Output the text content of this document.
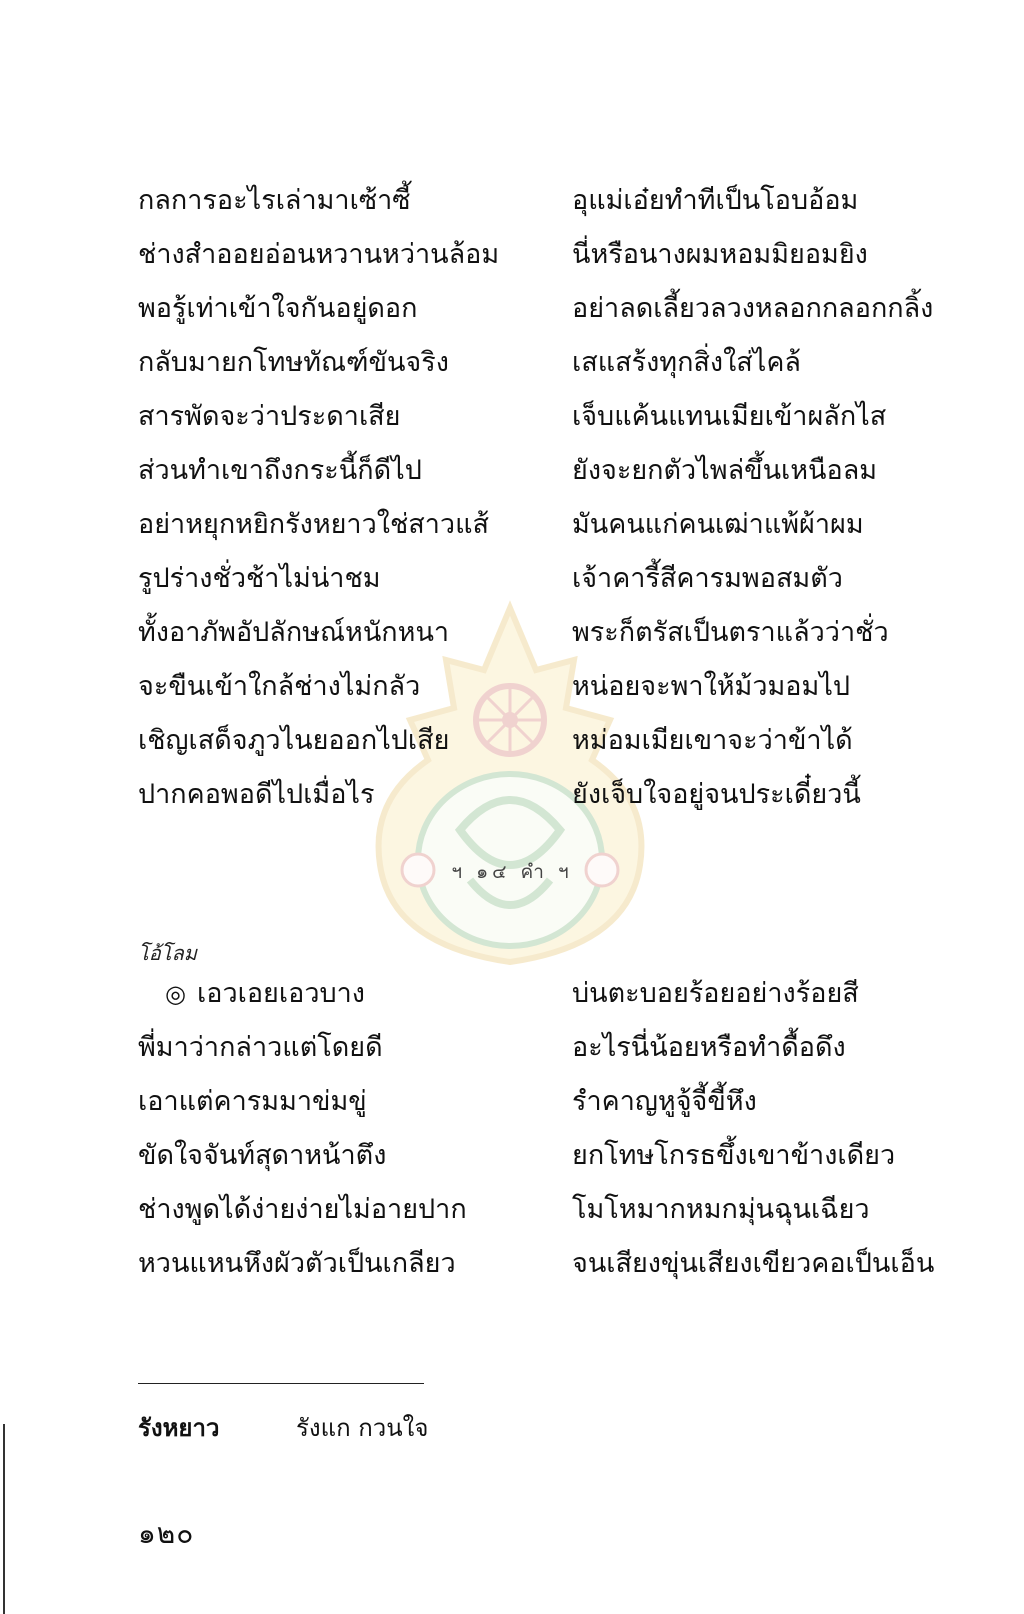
กลการอะไรเล่ามาเซ้าซี้	อุแม่เอ๋ยทำทีเป็นโอบอ้อม
ช่างสำออยอ่อนหวานหว่านล้อม	นี่หรือนางผมหอมมิยอมยิง
พอรู้เท่าเข้าใจกันอยู่ดอก	อย่าลดเลี้ยวลวงหลอกกลอกกลิ้ง
กลับมายกโทษทัณฑ์ขันจริง	เสแสร้งทุกสิ่งใส่ไคล้
สารพัดจะว่าประดาเสีย	เจ็บแค้นแทนเมียเข้าผลักไส
ส่วนทำเขาถึงกระนี้ก็ดีไป	ยังจะยกตัวไพล่ขึ้นเหนือลม
อย่าหยุกหยิกรังหยาวใช่สาวแส้	มันคนแก่คนเฒ่าแพ้ผ้าผม
รูปร่างชั่วช้าไม่น่าชม	เจ้าคารี้สีคารมพอสมตัว
ทั้งอาภัพอัปลักษณ์หนักหนา	พระก็ตรัสเป็นตราแล้วว่าชั่ว
จะขืนเข้าใกล้ช่างไม่กลัว	หน่อยจะพาให้ม้วมอมไป
เชิญเสด็จภูวไนยออกไปเสีย	หม่อมเมียเขาจะว่าข้าได้
ปากคอพอดีไปเมื่อไร	ยังเจ็บใจอยู่จนประเดี๋ยวนี้
ฯ ๑๔ คำ ฯ
โอ้โลม
◎ เอวเอยเอวบาง	บ่นตะบอยร้อยอย่างร้อยสี
พี่มาว่ากล่าวแต่โดยดี	อะไรนี่น้อยหรือทำดื้อดึง
เอาแต่คารมมาข่มขู่	รำคาญหูจู้จี้ขี้หึง
ขัดใจจันท์สุดาหน้าตึง	ยกโทษโกรธขึ้งเขาข้างเดียว
ช่างพูดได้ง่ายง่ายไม่อายปาก	โมโหมากหมกมุ่นฉุนเฉียว
หวนแหนหึงผัวตัวเป็นเกลียว	จนเสียงขุ่นเสียงเขียวคอเป็นเอ็น
รังหยาว	รังแก กวนใจ
๑๒๐
